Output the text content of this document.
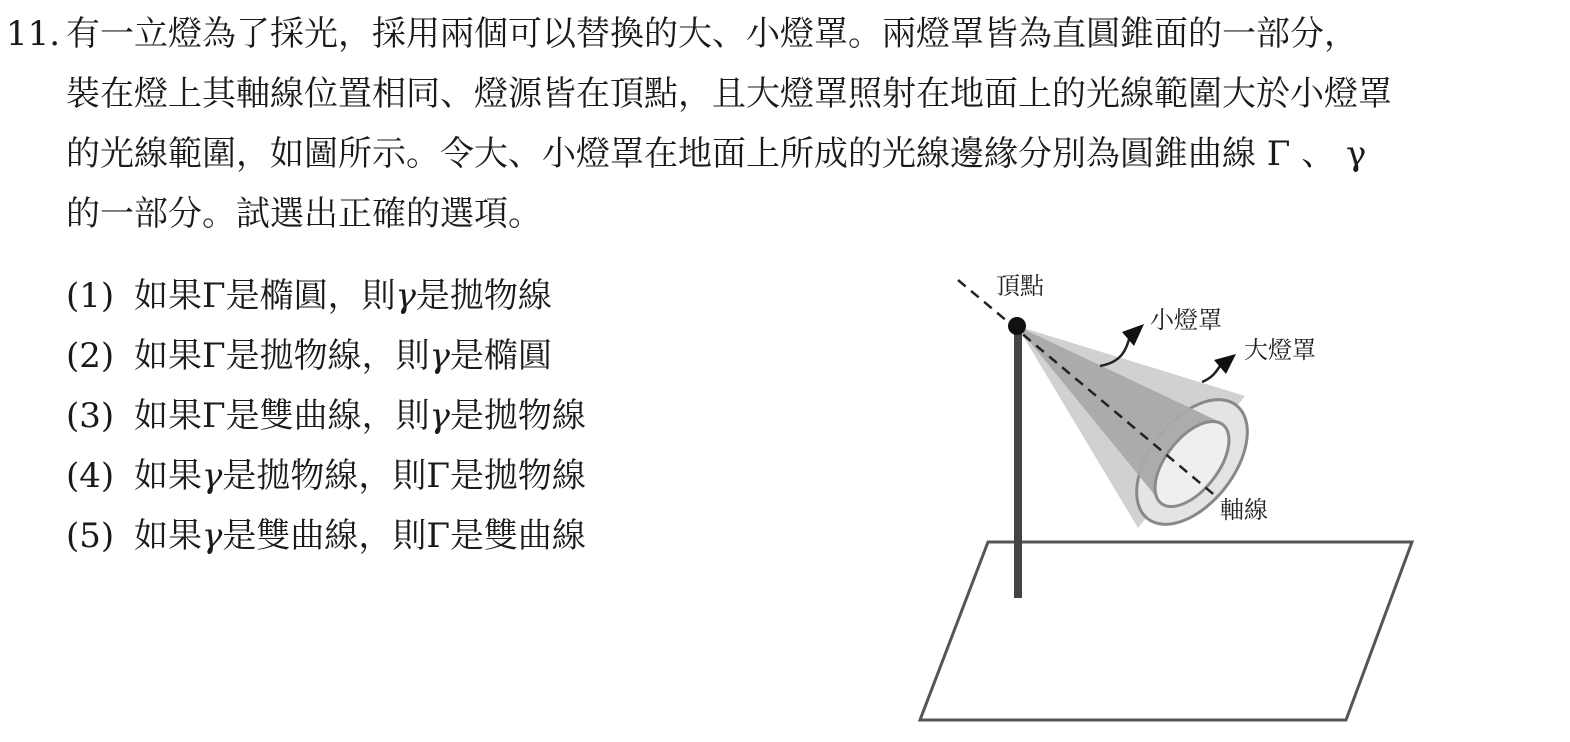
11. 有一立燈為了採光，採用兩個可以替換的大、小燈罩。兩燈罩皆為直圓錐面的一部分，
裝在燈上其軸線位置相同、燈源皆在頂點，且大燈罩照射在地面上的光線範圍大於小燈罩
的光線範圍，如圖所示。令大、小燈罩在地面上所成的光線邊緣分別為圓錐曲線 Γ 、 γ
的一部分。試選出正確的選項。
(1) 如果Γ是橢圓，則γ是拋物線
(2) 如果Γ是拋物線，則γ是橢圓
(3) 如果Γ是雙曲線，則γ是拋物線
(4) 如果γ是拋物線，則Γ是拋物線
(5) 如果γ是雙曲線，則Γ是雙曲線
頂點
小燈罩
大燈罩
軸線
